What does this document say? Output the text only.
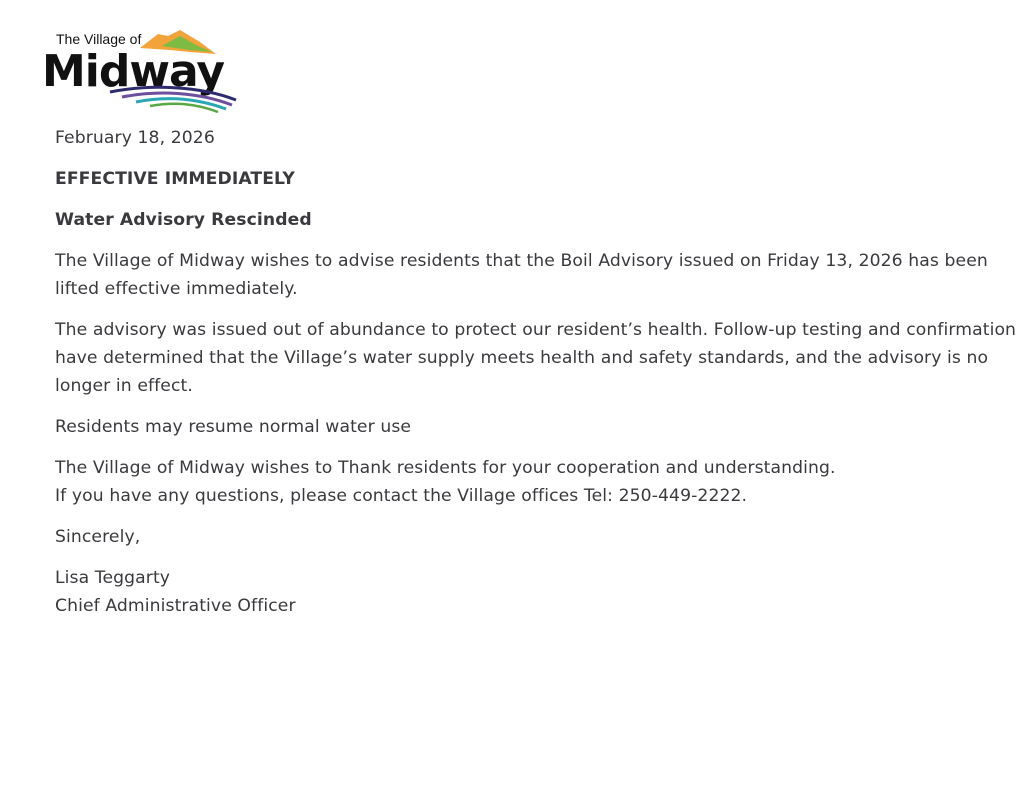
The Village of
Midway

February 18, 2026

EFFECTIVE IMMEDIATELY

Water Advisory Rescinded

The Village of Midway wishes to advise residents that the Boil Advisory issued on Friday 13, 2026 has been lifted effective immediately.

The advisory was issued out of abundance to protect our resident’s health. Follow-up testing and confirmation have determined that the Village’s water supply meets health and safety standards, and the advisory is no longer in effect.

Residents may resume normal water use

The Village of Midway wishes to Thank residents for your cooperation and understanding.
If you have any questions, please contact the Village offices Tel: 250-449-2222.

Sincerely,

Lisa Teggarty
Chief Administrative Officer
